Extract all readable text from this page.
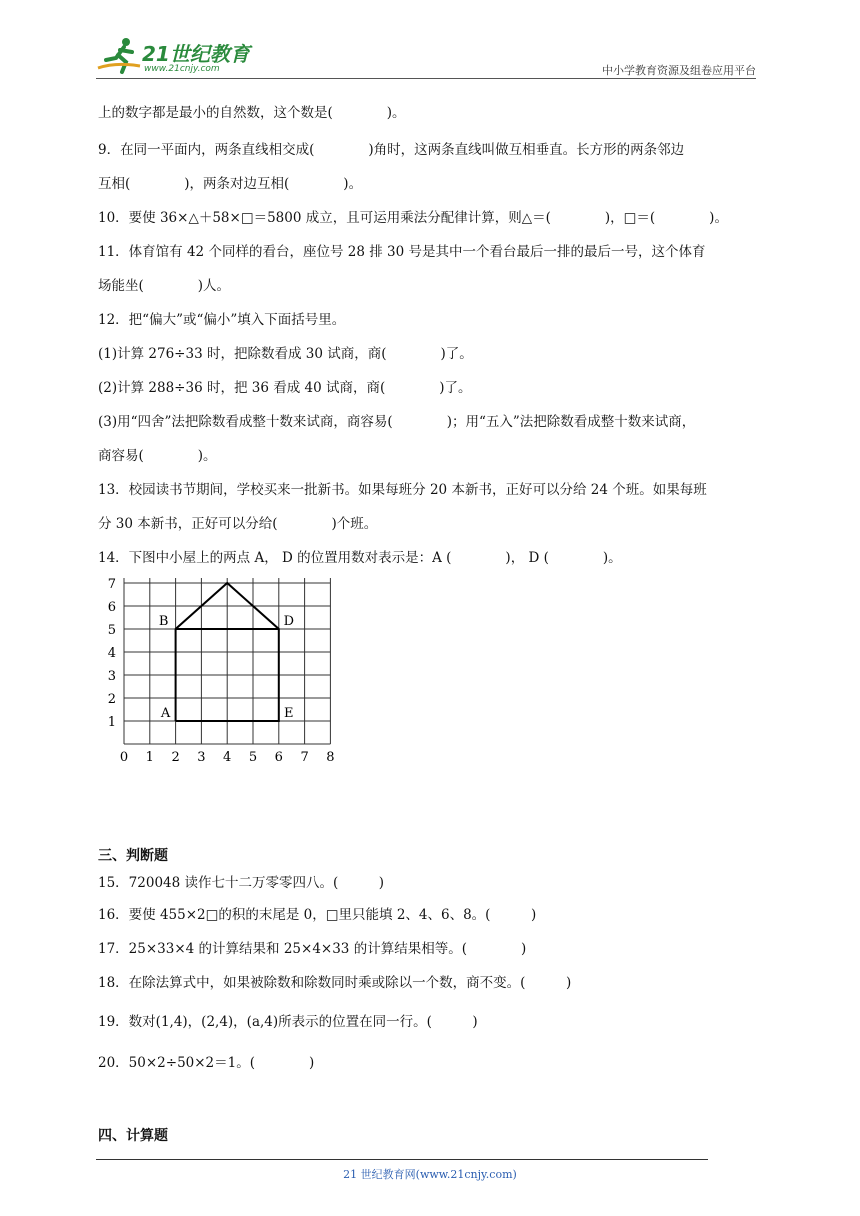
21世纪教育
www.21cnjy.com	中小学教育资源及组卷应用平台
上的数字都是最小的自然数，这个数是(　　　　)。
9．在同一平面内，两条直线相交成(　　　　)角时，这两条直线叫做互相垂直。长方形的两条邻边
互相(　　　　)，两条对边互相(　　　　)。
10．要使 36×△＋58×□＝5800 成立，且可运用乘法分配律计算，则△＝(　　　　)，□＝(　　　　)。
11．体育馆有 42 个同样的看台，座位号 28 排 30 号是其中一个看台最后一排的最后一号，这个体育
场能坐(　　　　)人。
12．把“偏大”或“偏小”填入下面括号里。
(1)计算 276÷33 时，把除数看成 30 试商，商(　　　　)了。
(2)计算 288÷36 时，把 36 看成 40 试商，商(　　　　)了。
(3)用“四舍”法把除数看成整十数来试商，商容易(　　　　)；用“五入”法把除数看成整十数来试商，
商容易(　　　　)。
13．校园读书节期间，学校买来一批新书。如果每班分 20 本新书，正好可以分给 24 个班。如果每班
分 30 本新书，正好可以分给(　　　　)个班。
14．下图中小屋上的两点 A， D 的位置用数对表示是：A (　　　　)， D (　　　　)。
0 1 2 3 4 5 6 7 8
1
2
3
4
5
6
7
A
B	D
E
三、判断题
15．720048 读作七十二万零零四八。(　　　)
16．要使 455×2□的积的末尾是 0，□里只能填 2、4、6、8。(　　　)
17．25×33×4 的计算结果和 25×4×33 的计算结果相等。(　　　　)
18．在除法算式中，如果被除数和除数同时乘或除以一个数，商不变。(　　　)
19．数对(1,4)，(2,4)，(a,4)所表示的位置在同一行。(　　　)
20．50×2÷50×2＝1。(　　　　)
四、计算题
21 世纪教育网(www.21cnjy.com)
